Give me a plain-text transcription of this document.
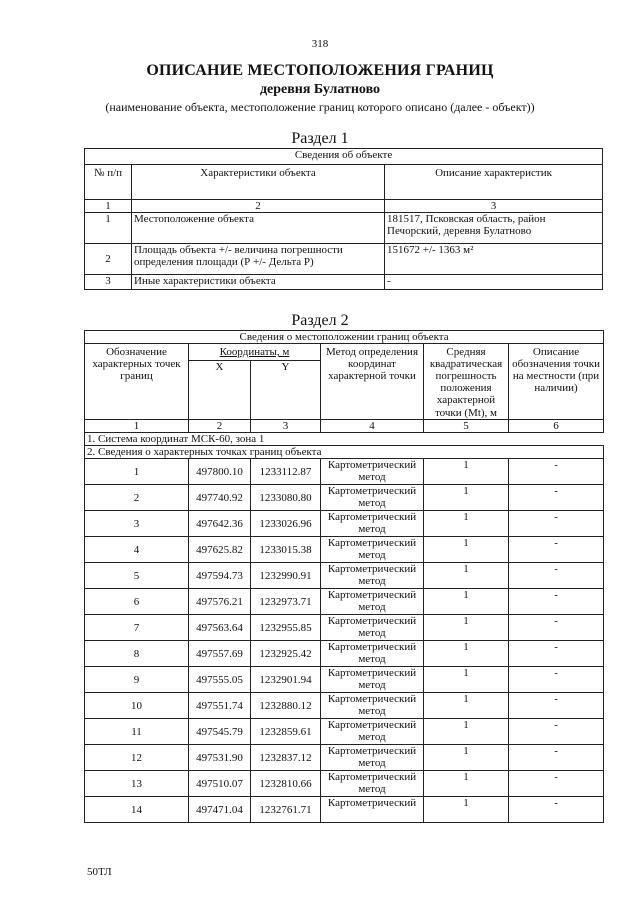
318
ОПИСАНИЕ МЕСТОПОЛОЖЕНИЯ ГРАНИЦ
деревня Булатново
(наименование объекта, местоположение границ которого описано (далее - объект))
Раздел 1
Сведения об объекте		
№ п/п	Характеристики объекта	Описание характеристик
1	2	3
1	Местоположение объекта	181517, Псковская область, район Печорский, деревня Булатново
2	Площадь объекта +/- величина погрешности определения площади (Р +/- Дельта Р)	151672 +/- 1363 м²
3	Иные характеристики объекта	-
Раздел 2
Сведения о местоположении границ объекта					
Обозначение характерных точек границ	Координаты, м		Метод определения координат характерной точки	Средняя квадратическая погрешность положения характерной точки (Mt), м	Описание обозначения точки на местности (при наличии)
	X	Y			
1	2	3	4	5	6
1. Система координат МСК-60, зона 1					
2. Сведения о характерных точках границ объекта					
1	497800.10	1233112.87	Картометрический метод	1	-
2	497740.92	1233080.80	Картометрический метод	1	-
3	497642.36	1233026.96	Картометрический метод	1	-
4	497625.82	1233015.38	Картометрический метод	1	-
5	497594.73	1232990.91	Картометрический метод	1	-
6	497576.21	1232973.71	Картометрический метод	1	-
7	497563.64	1232955.85	Картометрический метод	1	-
8	497557.69	1232925.42	Картометрический метод	1	-
9	497555.05	1232901.94	Картометрический метод	1	-
10	497551.74	1232880.12	Картометрический метод	1	-
11	497545.79	1232859.61	Картометрический метод	1	-
12	497531.90	1232837.12	Картометрический метод	1	-
13	497510.07	1232810.66	Картометрический метод	1	-
14	497471.04	1232761.71	Картометрический	1	-
50ТЛ
